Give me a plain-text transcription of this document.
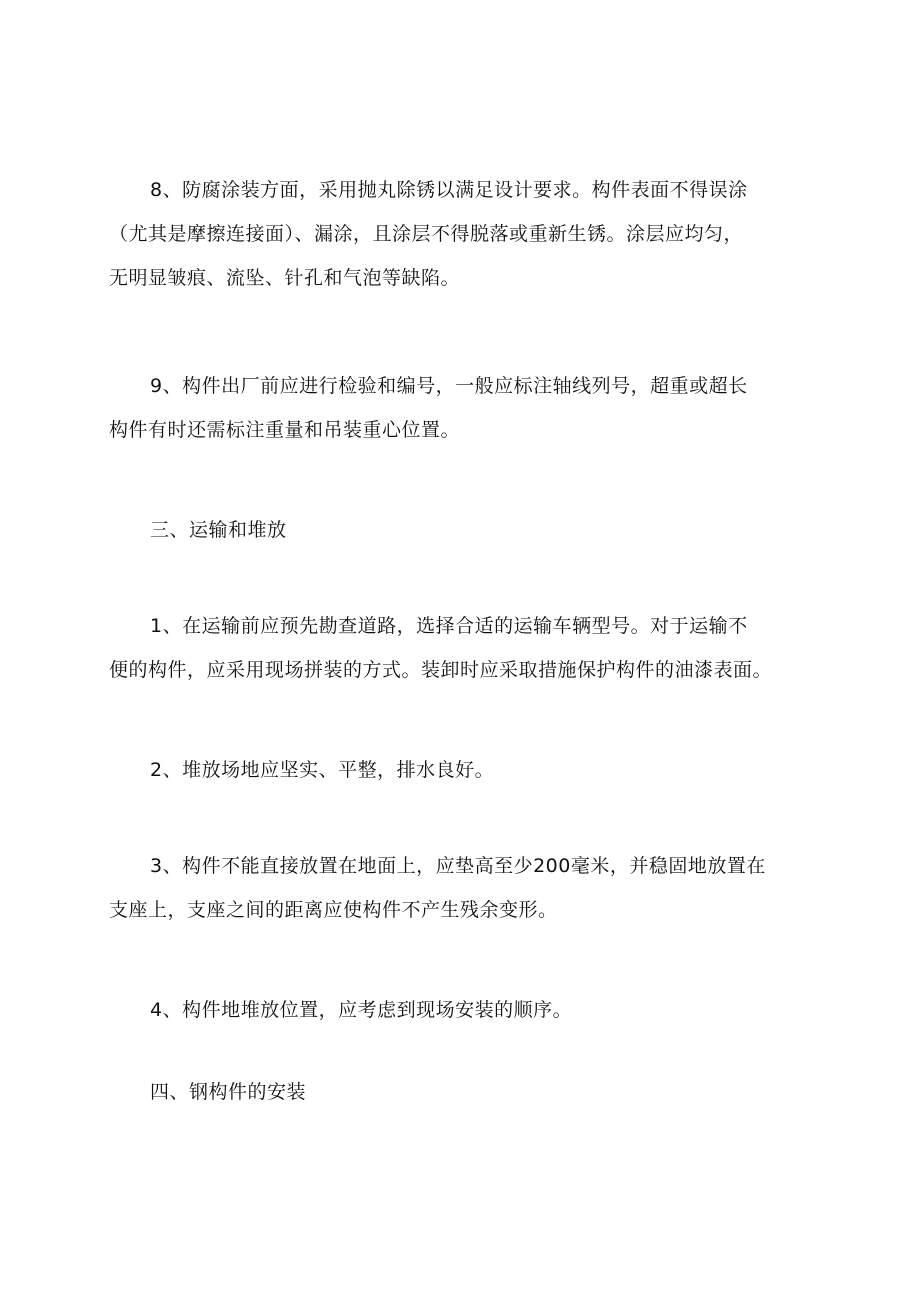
8、防腐涂装方面，采用抛丸除锈以满足设计要求。构件表面不得误涂
（尤其是摩擦连接面）、漏涂，且涂层不得脱落或重新生锈。涂层应均匀，
无明显皱痕、流坠、针孔和气泡等缺陷。
9、构件出厂前应进行检验和编号，一般应标注轴线列号，超重或超长
构件有时还需标注重量和吊装重心位置。
三、运输和堆放
1、在运输前应预先勘查道路，选择合适的运输车辆型号。对于运输不
便的构件，应采用现场拼装的方式。装卸时应采取措施保护构件的油漆表面。
2、堆放场地应坚实、平整，排水良好。
3、构件不能直接放置在地面上，应垫高至少200毫米，并稳固地放置在
支座上，支座之间的距离应使构件不产生残余变形。
4、构件地堆放位置，应考虑到现场安装的顺序。
四、钢构件的安装
